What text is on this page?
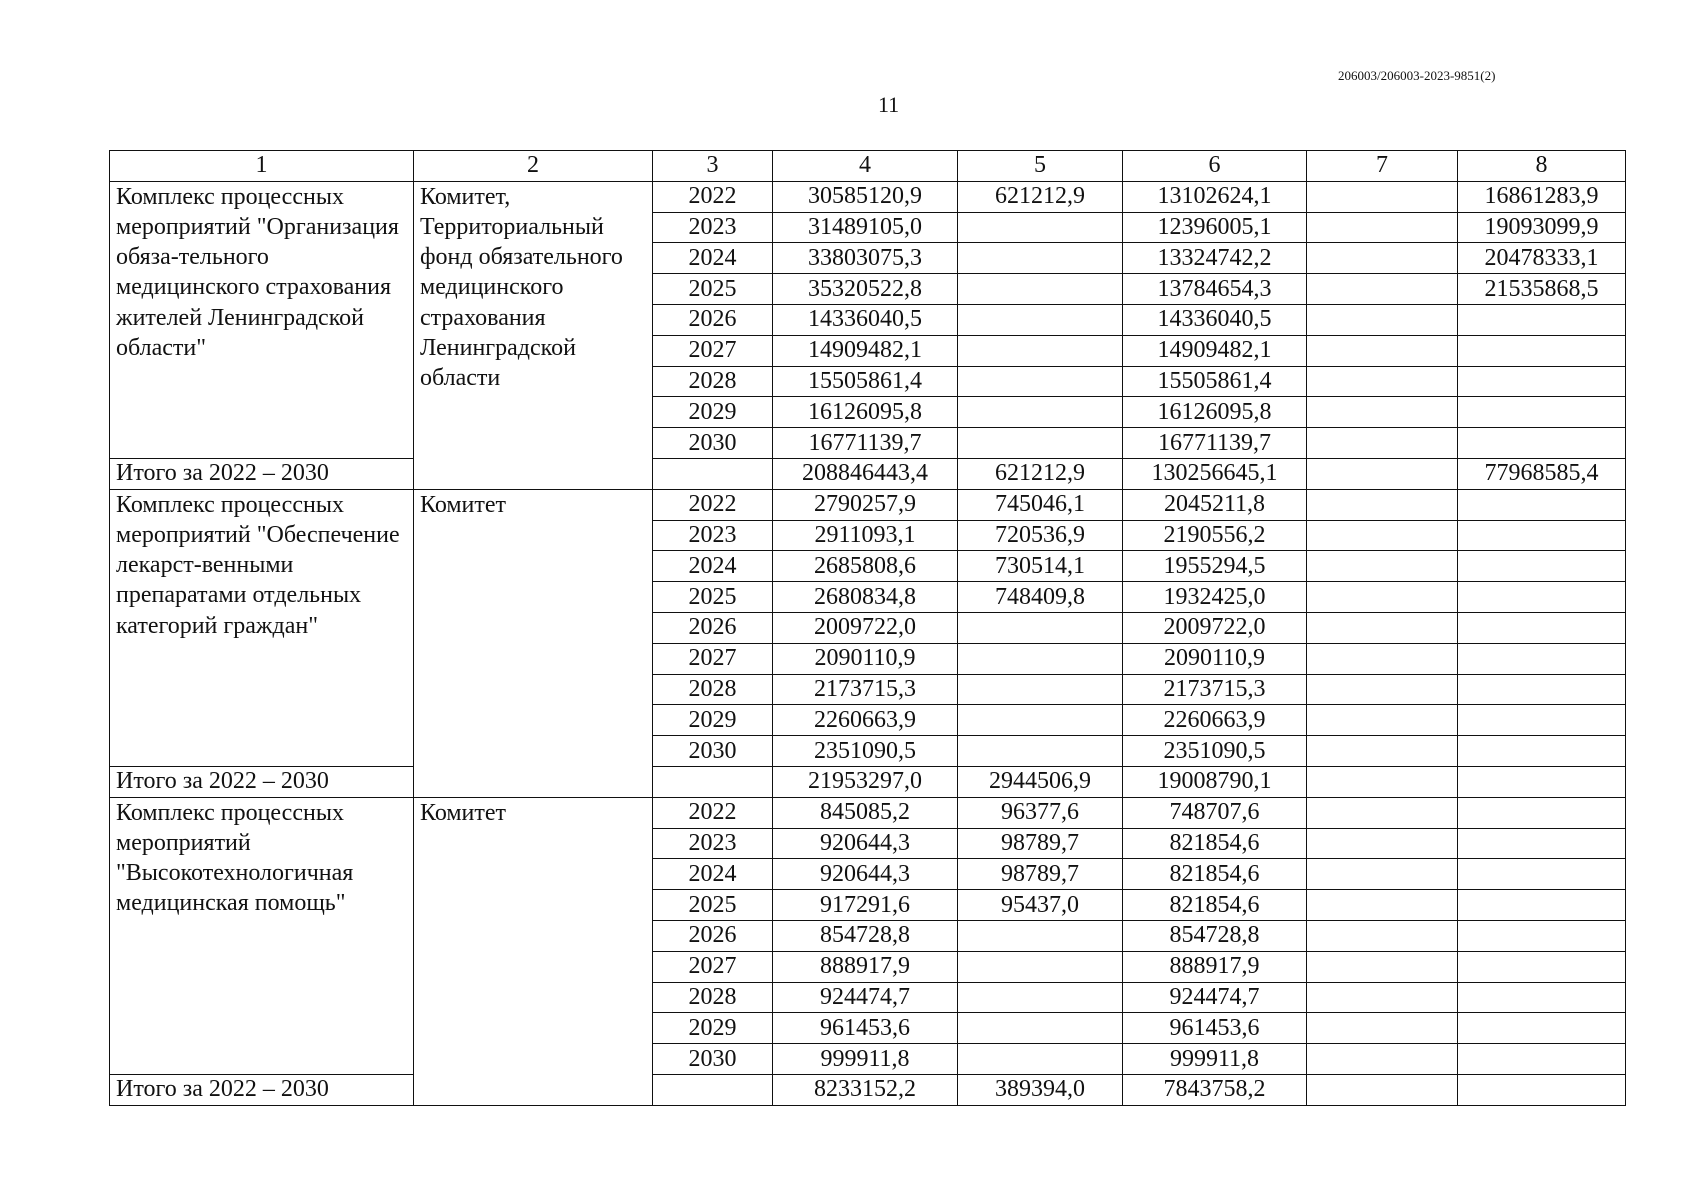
206003/206003-2023-9851(2)
11
1	2	3	4	5	6	7	8
Комплекс процессных мероприятий "Организация обяза-тельного медицинского страхования жителей Ленинградской области"	Комитет, Территориальный фонд обязательного медицинского страхования Ленинградской области	2022	30585120,9	621212,9	13102624,1		16861283,9
		2023	31489105,0		12396005,1		19093099,9
		2024	33803075,3		13324742,2		20478333,1
		2025	35320522,8		13784654,3		21535868,5
		2026	14336040,5		14336040,5		
		2027	14909482,1		14909482,1		
		2028	15505861,4		15505861,4		
		2029	16126095,8		16126095,8		
		2030	16771139,7		16771139,7		
Итого за 2022 – 2030			208846443,4	621212,9	130256645,1		77968585,4
Комплекс процессных мероприятий "Обеспечение лекарст-венными препаратами отдельных категорий граждан"	Комитет	2022	2790257,9	745046,1	2045211,8		
		2023	2911093,1	720536,9	2190556,2		
		2024	2685808,6	730514,1	1955294,5		
		2025	2680834,8	748409,8	1932425,0		
		2026	2009722,0		2009722,0		
		2027	2090110,9		2090110,9		
		2028	2173715,3		2173715,3		
		2029	2260663,9		2260663,9		
		2030	2351090,5		2351090,5		
Итого за 2022 – 2030			21953297,0	2944506,9	19008790,1		
Комплекс процессных мероприятий "Высокотехнологичная медицинская помощь"	Комитет	2022	845085,2	96377,6	748707,6		
		2023	920644,3	98789,7	821854,6		
		2024	920644,3	98789,7	821854,6		
		2025	917291,6	95437,0	821854,6		
		2026	854728,8		854728,8		
		2027	888917,9		888917,9		
		2028	924474,7		924474,7		
		2029	961453,6		961453,6		
		2030	999911,8		999911,8		
Итого за 2022 – 2030			8233152,2	389394,0	7843758,2		
